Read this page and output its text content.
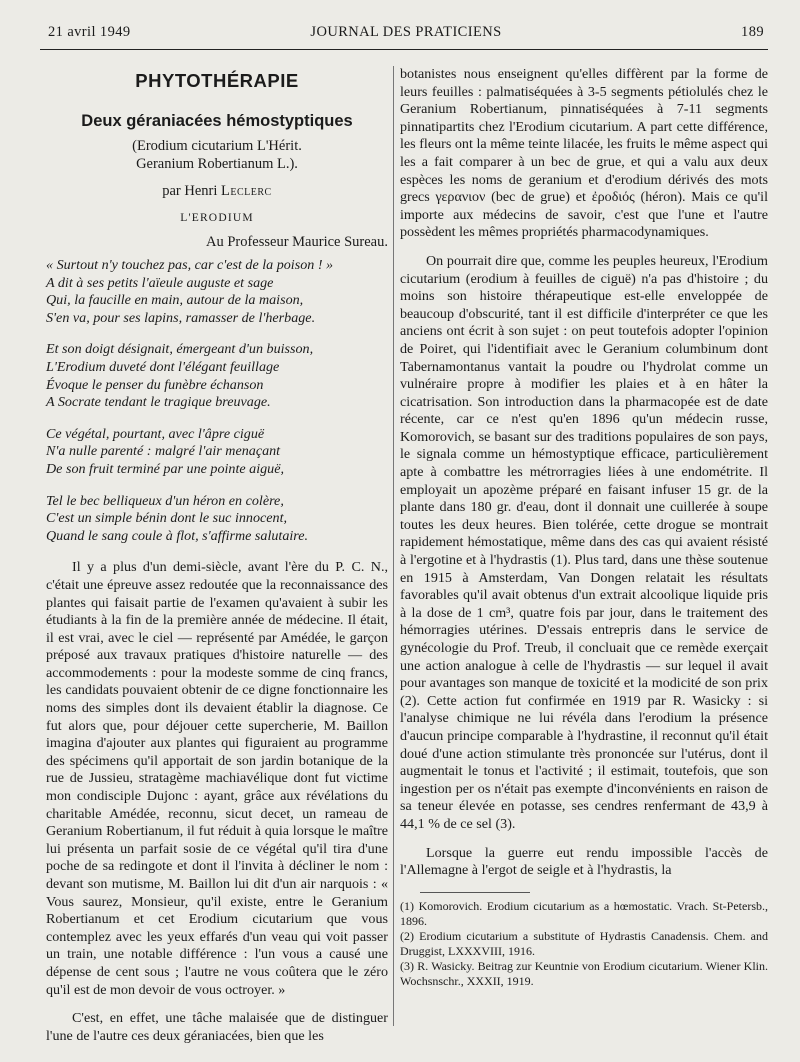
21 avril 1949	JOURNAL DES PRATICIENS	189
PHYTOTHÉRAPIE
Deux géraniacées hémostyptiques
(Erodium cicutarium L'Hérit.
Geranium Robertianum L.).
par Henri Leclerc
L'ERODIUM
Au Professeur Maurice Sureau.
« Surtout n'y touchez pas, car c'est de la poison ! »
A dit à ses petits l'aïeule auguste et sage
Qui, la faucille en main, autour de la maison,
S'en va, pour ses lapins, ramasser de l'herbage.
Et son doigt désignait, émergeant d'un buisson,
L'Erodium duveté dont l'élégant feuillage
Évoque le penser du funèbre échanson
A Socrate tendant le tragique breuvage.
Ce végétal, pourtant, avec l'âpre ciguë
N'a nulle parenté : malgré l'air menaçant
De son fruit terminé par une pointe aiguë,
Tel le bec belliqueux d'un héron en colère,
C'est un simple bénin dont le suc innocent,
Quand le sang coule à flot, s'affirme salutaire.

Il y a plus d'un demi-siècle, avant l'ère du P. C. N., c'était une épreuve assez redoutée que la reconnaissance des plantes qui faisait partie de l'examen qu'avaient à subir les étudiants à la fin de la première année de médecine. Il était, il est vrai, avec le ciel — représenté par Amédée, le garçon préposé aux travaux pratiques d'histoire naturelle — des accommodements : pour la modeste somme de cinq francs, les candidats pouvaient obtenir de ce digne fonctionnaire les noms des simples dont ils devaient établir la diagnose. Ce fut alors que, pour déjouer cette supercherie, M. Baillon imagina d'ajouter aux plantes qui figuraient au programme des spécimens qu'il apportait de son jardin botanique de la rue de Jussieu, stratagème machiavélique dont fut victime mon condisciple Dujonc : ayant, grâce aux révélations du charitable Amédée, reconnu, sicut decet, un rameau de Geranium Robertianum, il fut réduit à quia lorsque le maître lui présenta un parfait sosie de ce végétal qu'il tira d'une poche de sa redingote et dont il l'invita à décliner le nom : devant son mutisme, M. Baillon lui dit d'un air narquois : « Vous saurez, Monsieur, qu'il existe, entre le Geranium Robertianum et cet Erodium cicutarium que vous contemplez avec les yeux effarés d'un veau qui voit passer un train, une notable différence : l'un vous a causé une dépense de cent sous ; l'autre ne vous coûtera que le zéro qu'il est de mon devoir de vous octroyer. »

C'est, en effet, une tâche malaisée que de distinguer l'une de l'autre ces deux géraniacées, bien que les

botanistes nous enseignent qu'elles diffèrent par la forme de leurs feuilles : palmatiséquées à 3-5 segments pétiolulés chez le Geranium Robertianum, pinnatiséquées à 7-11 segments pinnatipartits chez l'Erodium cicutarium. A part cette différence, les fleurs ont la même teinte lilacée, les fruits le même aspect qui les a fait comparer à un bec de grue, et qui a valu aux deux espèces les noms de geranium et d'erodium dérivés des mots grecs γερανιον (bec de grue) et ἐροδιός (héron). Mais ce qu'il importe aux médecins de savoir, c'est que l'une et l'autre possèdent les mêmes propriétés pharmacodynamiques.

On pourrait dire que, comme les peuples heureux, l'Erodium cicutarium (erodium à feuilles de ciguë) n'a pas d'histoire ; du moins son histoire thérapeutique est-elle enveloppée de beaucoup d'obscurité, tant il est difficile d'interpréter ce que les anciens ont écrit à son sujet : on peut toutefois adopter l'opinion de Poiret, qui l'identifiait avec le Geranium columbinum dont Tabernamontanus vantait la poudre ou l'hydrolat comme un vulnéraire propre à modifier les plaies et à en hâter la cicatrisation. Son introduction dans la pharmacopée est de date récente, car ce n'est qu'en 1896 qu'un médecin russe, Komorovich, se basant sur des traditions populaires de son pays, le signala comme un hémostyptique efficace, particulièrement apte à combattre les métrorragies liées à une endométrite. Il employait un apozème préparé en faisant infuser 15 gr. de la plante dans 180 gr. d'eau, dont il donnait une cuillerée à soupe toutes les deux heures. Bien tolérée, cette drogue se montrait rapidement hémostatique, même dans des cas qui avaient résisté à l'ergotine et à l'hydrastis (1). Plus tard, dans une thèse soutenue en 1915 à Amsterdam, Van Dongen relatait les résultats favorables qu'il avait obtenus d'un extrait alcoolique liquide pris à la dose de 1 cm³, quatre fois par jour, dans le traitement des hémorragies utérines. D'essais entrepris dans le service de gynécologie du Prof. Treub, il concluait que ce remède exerçait une action analogue à celle de l'hydrastis — sur lequel il avait pour avantages son manque de toxicité et la modicité de son prix (2). Cette action fut confirmée en 1919 par R. Wasicky : si l'analyse chimique ne lui révéla dans l'erodium la présence d'aucun principe comparable à l'hydrastine, il reconnut qu'il était doué d'une action stimulante très prononcée sur l'utérus, dont il augmentait le tonus et l'activité ; il estimait, toutefois, que son ingestion per os n'était pas exempte d'inconvénients en raison de sa teneur élevée en potasse, ses cendres renfermant de 43,9 à 44,1 % de ce sel (3).

Lorsque la guerre eut rendu impossible l'accès de l'Allemagne à l'ergot de seigle et à l'hydrastis, la

(1) Komorovich. Erodium cicutarium as a hœmostatic. Vrach. St-Petersb., 1896.

(2) Erodium cicutarium a substitute of Hydrastis Canadensis. Chem. and Druggist, LXXXVIII, 1916.

(3) R. Wasicky. Beitrag zur Keuntnie von Erodium cicutarium. Wiener Klin. Wochsnschr., XXXII, 1919.
